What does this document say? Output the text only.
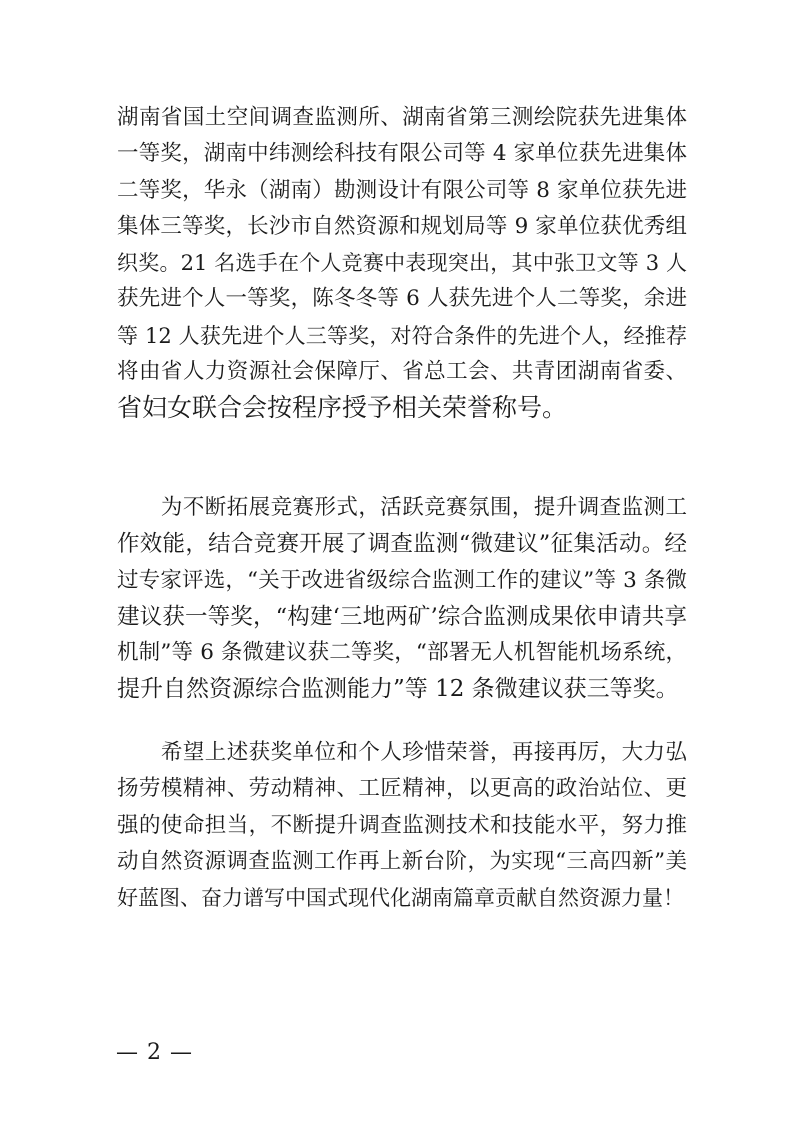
湖南省国土空间调查监测所、湖南省第三测绘院获先进集体
一等奖，湖南中纬测绘科技有限公司等 4 家单位获先进集体
二等奖，华永（湖南）勘测设计有限公司等 8 家单位获先进
集体三等奖，长沙市自然资源和规划局等 9 家单位获优秀组
织奖。21 名选手在个人竞赛中表现突出，其中张卫文等 3 人
获先进个人一等奖，陈冬冬等 6 人获先进个人二等奖，余进
等 12 人获先进个人三等奖，对符合条件的先进个人，经推荐
将由省人力资源社会保障厅、省总工会、共青团湖南省委、
省妇女联合会按程序授予相关荣誉称号。
　　为不断拓展竞赛形式，活跃竞赛氛围，提升调查监测工
作效能，结合竞赛开展了调查监测“微建议”征集活动。经
过专家评选，“关于改进省级综合监测工作的建议”等 3 条微
建议获一等奖，“构建‘三地两矿’综合监测成果依申请共享
机制”等 6 条微建议获二等奖，“部署无人机智能机场系统，
提升自然资源综合监测能力”等 12 条微建议获三等奖。
　　希望上述获奖单位和个人珍惜荣誉，再接再厉，大力弘
扬劳模精神、劳动精神、工匠精神，以更高的政治站位、更
强的使命担当，不断提升调查监测技术和技能水平，努力推
动自然资源调查监测工作再上新台阶，为实现“三高四新”美
好蓝图、奋力谱写中国式现代化湖南篇章贡献自然资源力量！
— 2 —
